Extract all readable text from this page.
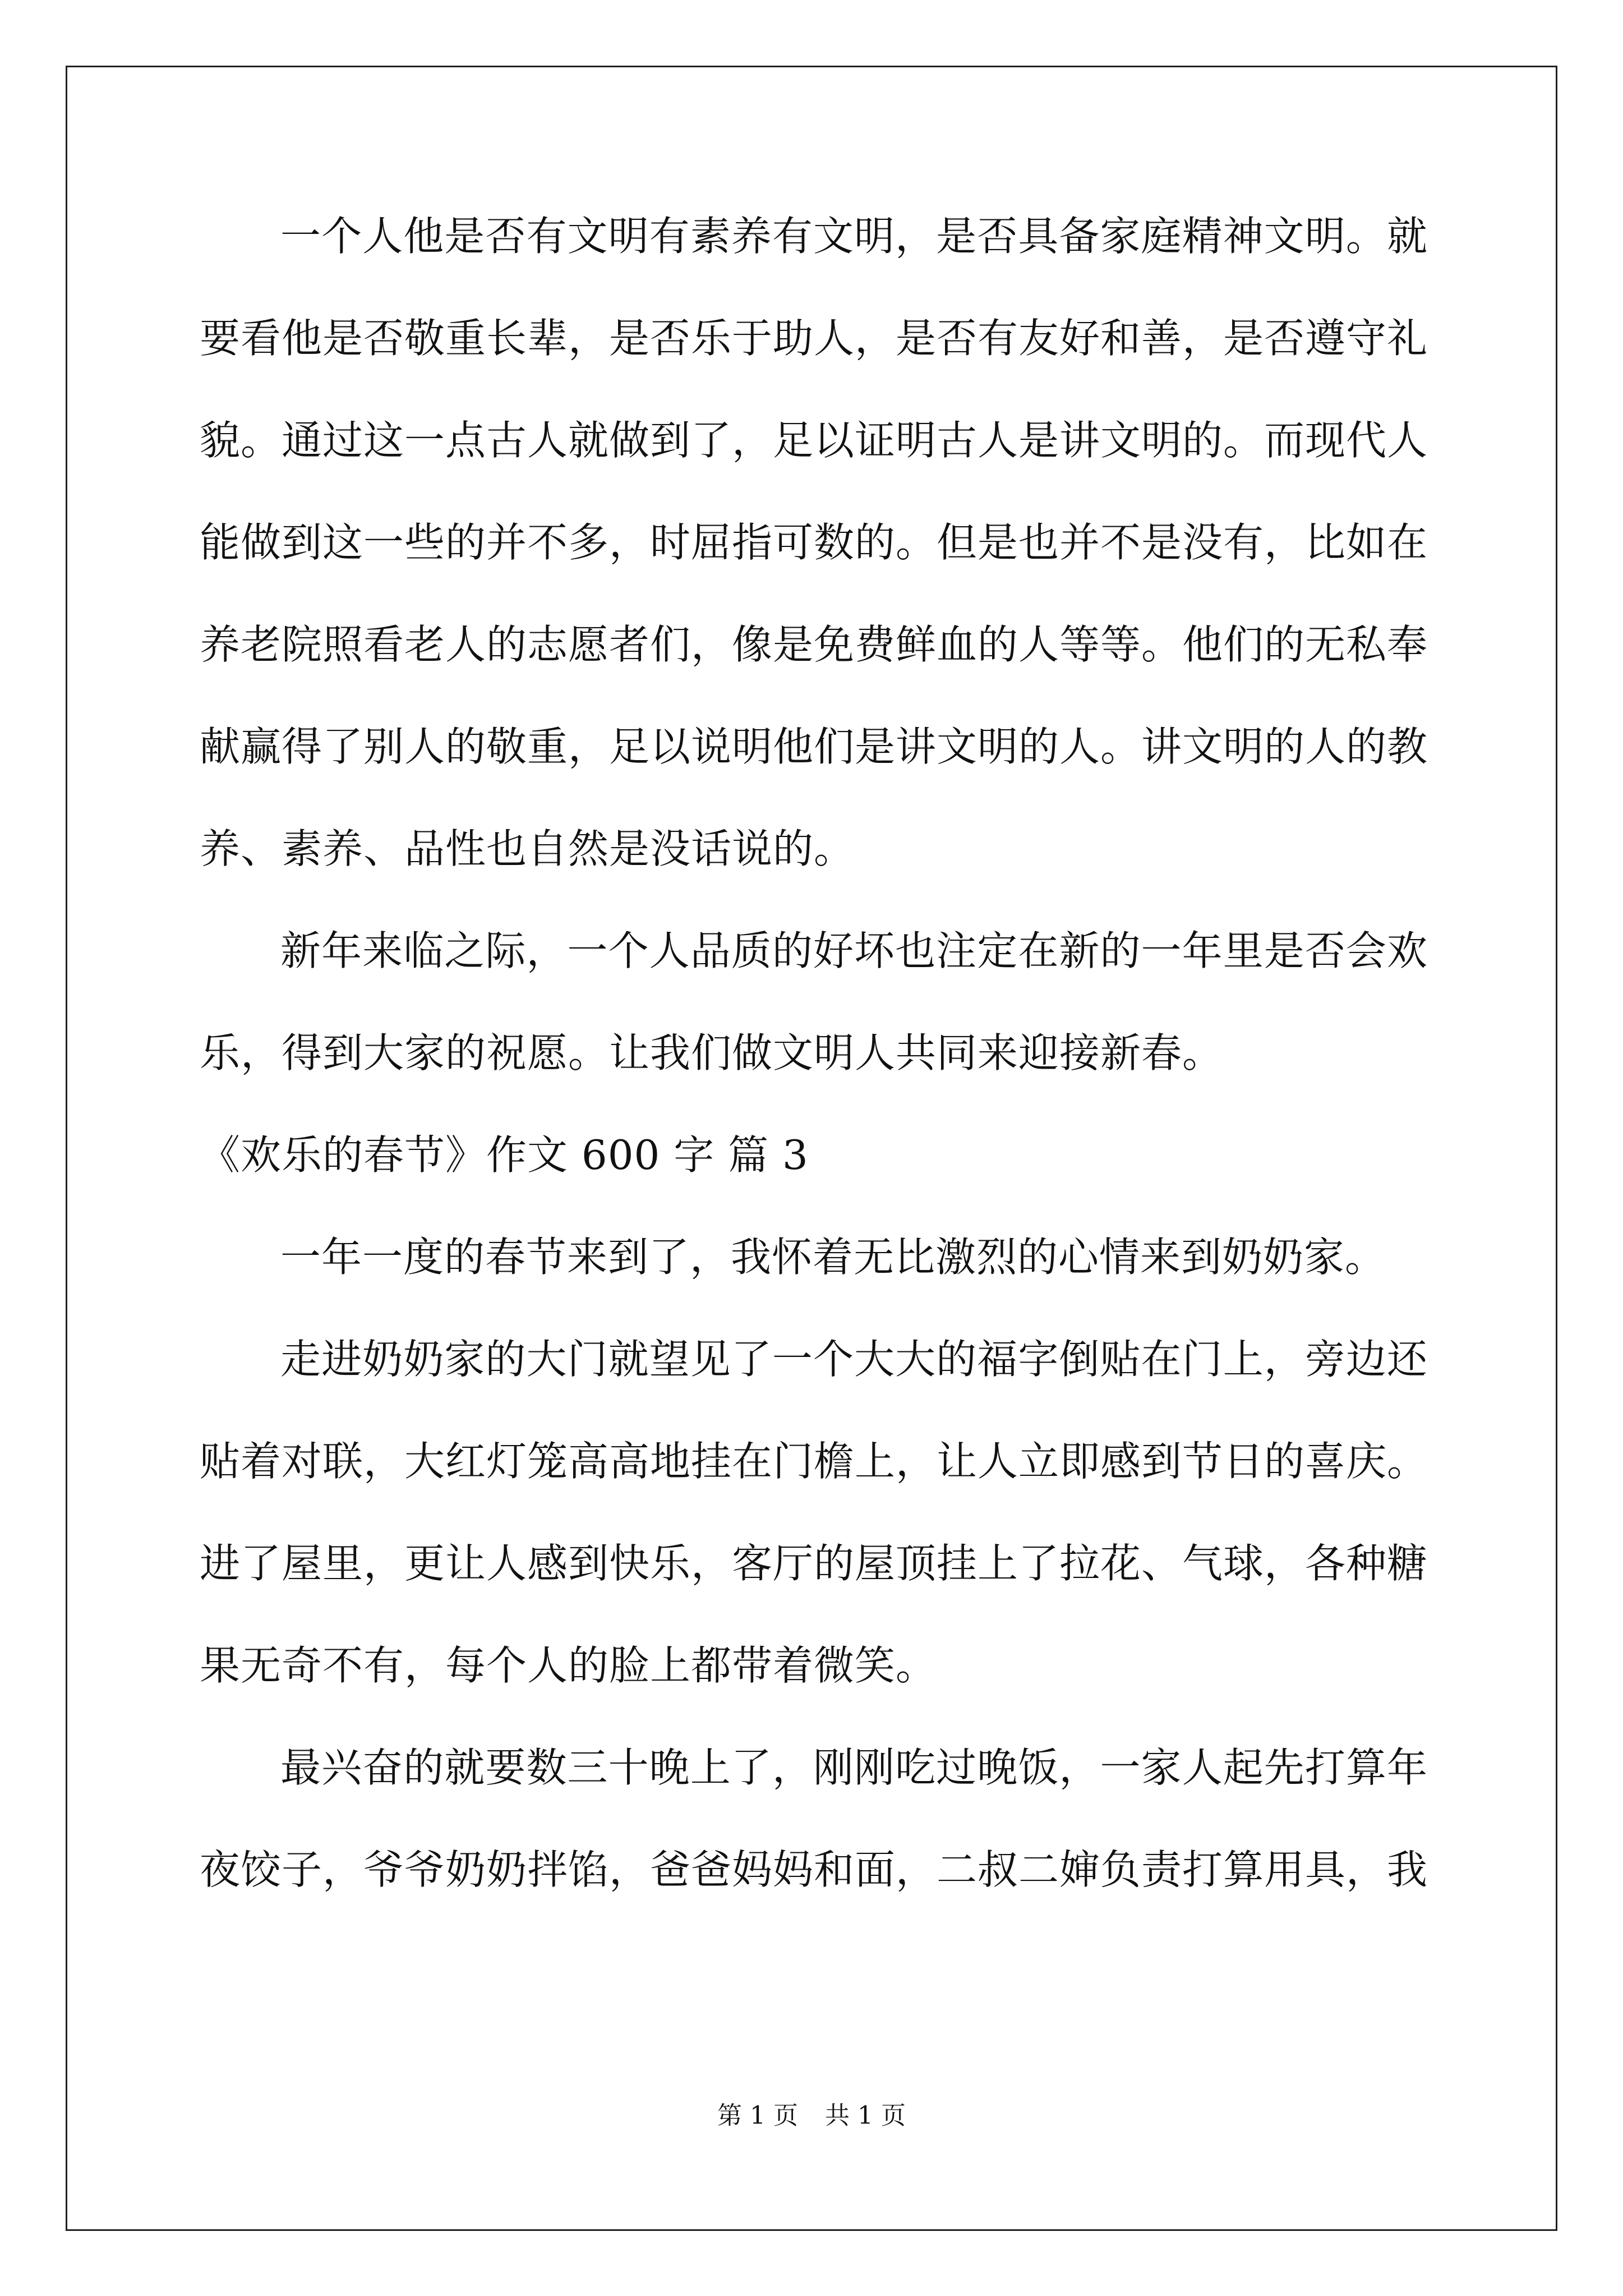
一个人他是否有文明有素养有文明，是否具备家庭精神文明。就要看他是否敬重长辈，是否乐于助人，是否有友好和善，是否遵守礼貌。通过这一点古人就做到了，足以证明古人是讲文明的。而现代人能做到这一些的并不多，时屈指可数的。但是也并不是没有，比如在养老院照看老人的志愿者们，像是免费鲜血的人等等。他们的无私奉献赢得了别人的敬重，足以说明他们是讲文明的人。讲文明的人的教养、素养、品性也自然是没话说的。

新年来临之际，一个人品质的好坏也注定在新的一年里是否会欢乐，得到大家的祝愿。让我们做文明人共同来迎接新春。

《欢乐的春节》作文 600 字 篇 3

一年一度的春节来到了，我怀着无比激烈的心情来到奶奶家。

走进奶奶家的大门就望见了一个大大的福字倒贴在门上，旁边还贴着对联，大红灯笼高高地挂在门檐上，让人立即感到节日的喜庆。进了屋里，更让人感到快乐，客厅的屋顶挂上了拉花、气球，各种糖果无奇不有，每个人的脸上都带着微笑。

最兴奋的就要数三十晚上了，刚刚吃过晚饭，一家人起先打算年夜饺子，爷爷奶奶拌馅，爸爸妈妈和面，二叔二婶负责打算用具，我

第 1 页 共 1 页
